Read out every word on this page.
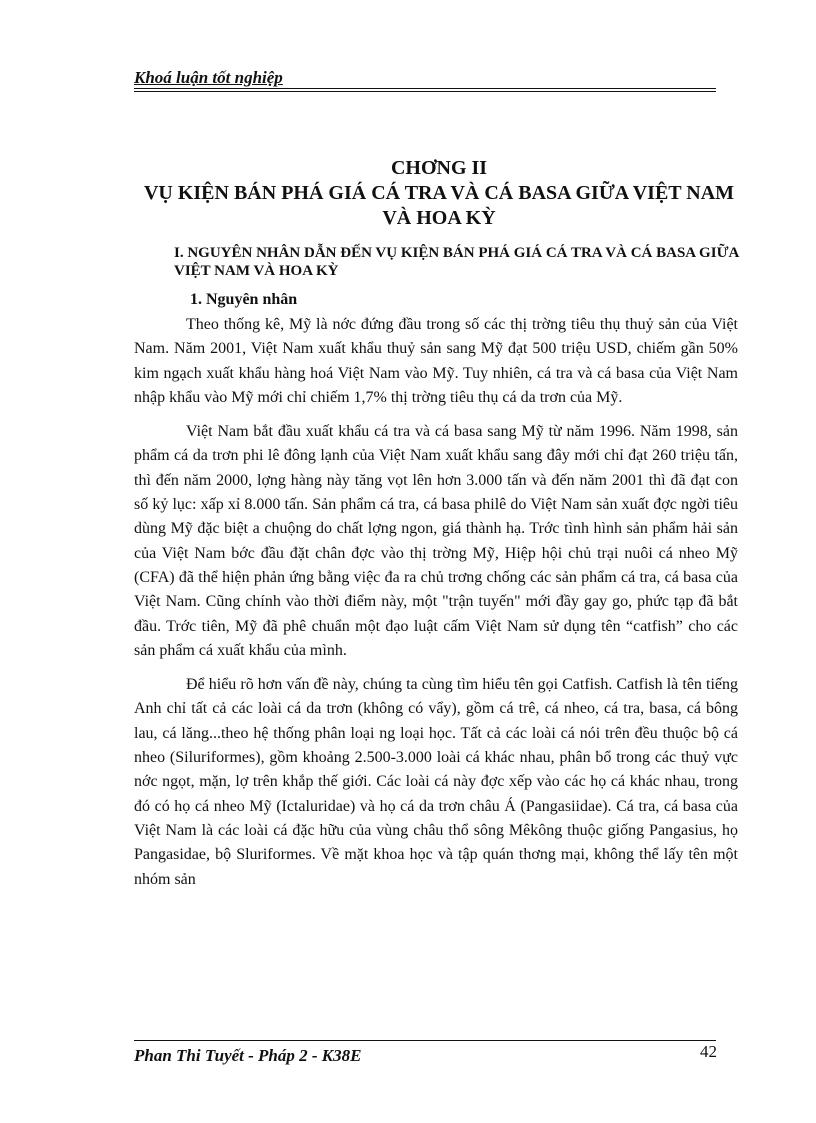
Khoá luận tốt nghiệp
CHƠNG II
VỤ KIỆN BÁN PHÁ GIÁ CÁ TRA VÀ CÁ BASA GIỮA VIỆT NAM VÀ HOA KỲ
I. NGUYÊN NHÂN DẪN ĐẾN VỤ KIỆN BÁN PHÁ GIÁ CÁ TRA VÀ CÁ BASA GIỮA VIỆT NAM VÀ HOA KỲ
1. Nguyên nhân

Theo thống kê, Mỹ là nớc đứng đầu trong số các thị trờng tiêu thụ thuỷ sản của Việt Nam. Năm 2001, Việt Nam xuất khẩu thuỷ sản sang Mỹ đạt 500 triệu USD, chiếm gần 50% kim ngạch xuất khẩu hàng hoá Việt Nam vào Mỹ. Tuy nhiên, cá tra và cá basa của Việt Nam nhập khẩu vào Mỹ mới chỉ chiếm 1,7% thị trờng tiêu thụ cá da trơn của Mỹ.

Việt Nam bắt đầu xuất khẩu cá tra và cá basa sang Mỹ từ năm 1996. Năm 1998, sản phẩm cá da trơn phi lê đông lạnh của Việt Nam xuất khẩu sang đây mới chỉ đạt 260 triệu tấn, thì đến năm 2000, lợng hàng này tăng vọt lên hơn 3.000 tấn và đến năm 2001 thì đã đạt con số kỷ lục: xấp xỉ 8.000 tấn. Sản phẩm cá tra, cá basa philê do Việt Nam sản xuất đợc ngời tiêu dùng Mỹ đặc biệt a chuộng do chất lợng ngon, giá thành hạ. Trớc tình hình sản phẩm hải sản của Việt Nam bớc đầu đặt chân đợc vào thị trờng Mỹ, Hiệp hội chủ trại nuôi cá nheo Mỹ (CFA) đã thể hiện phản ứng bằng việc đa ra chủ trơng chống các sản phẩm cá tra, cá basa của Việt Nam. Cũng chính vào thời điểm này, một "trận tuyến" mới đầy gay go, phức tạp đã bắt đầu. Trớc tiên, Mỹ đã phê chuẩn một đạo luật cấm Việt Nam sử dụng tên “catfish” cho các sản phẩm cá xuất khẩu của mình.

Để hiểu rõ hơn vấn đề này, chúng ta cùng tìm hiểu tên gọi Catfish. Catfish là tên tiếng Anh chỉ tất cả các loài cá da trơn (không có vẩy), gồm cá trê, cá nheo, cá tra, basa, cá bông lau, cá lăng...theo hệ thống phân loại ng loại học. Tất cả các loài cá nói trên đều thuộc bộ cá nheo (Siluriformes), gồm khoảng 2.500-3.000 loài cá khác nhau, phân bổ trong các thuỷ vực nớc ngọt, mặn, lợ trên khắp thế giới. Các loài cá này đợc xếp vào các họ cá khác nhau, trong đó có họ cá nheo Mỹ (Ictaluridae) và họ cá da trơn châu Á (Pangasiidae). Cá tra, cá basa của Việt Nam là các loài cá đặc hữu của vùng châu thổ sông Mêkông thuộc giống Pangasius, họ Pangasidae, bộ Sluriformes. Về mặt khoa học và tập quán thơng mại, không thể lấy tên một nhóm sản

Phan Thi Tuyết - Pháp 2 - K38E	42
